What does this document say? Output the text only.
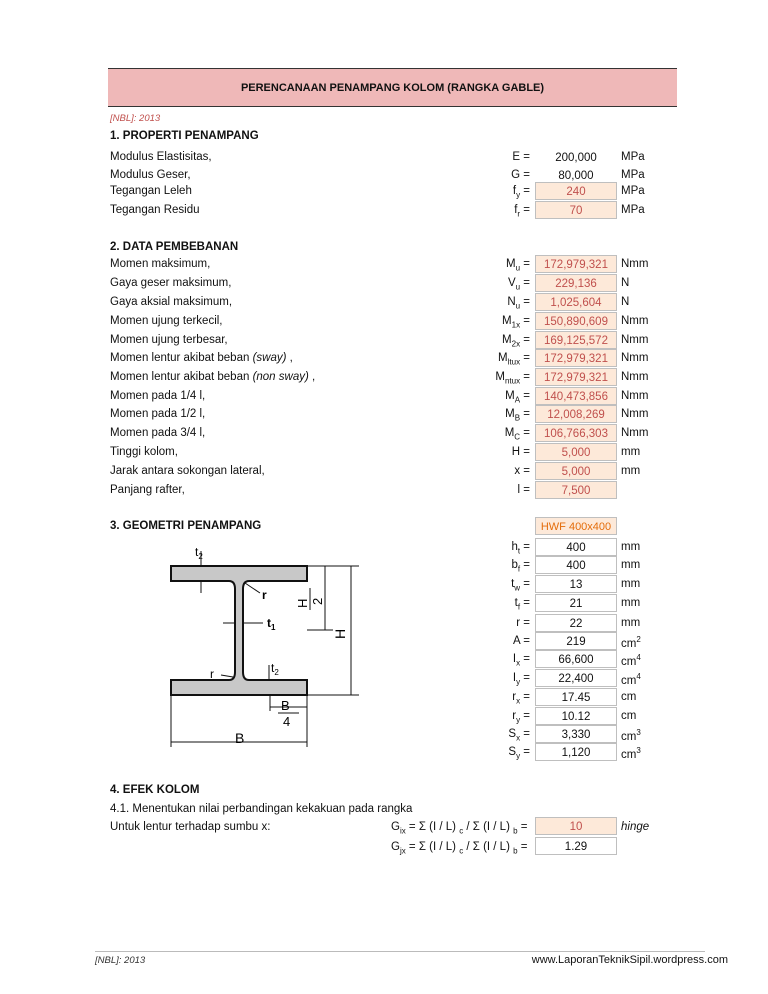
PERENCANAAN PENAMPANG KOLOM (RANGKA GABLE)
[NBL]: 2013
1. PROPERTI PENAMPANG
Modulus Elastisitas,	E =	200,000	MPa
Modulus Geser,	G =	80,000	MPa
Tegangan Leleh	$f_y$ =	240	MPa
Tegangan Residu	$f_r$ =	70	MPa
2. DATA PEMBEBANAN
Momen maksimum,	$M_u$ =	172,979,321	Nmm
Gaya geser maksimum,	$V_u$ =	229,136	N
Gaya aksial maksimum,	$N_u$ =	1,025,604	N
Momen ujung terkecil,	$M_{1x}$ =	150,890,609	Nmm
Momen ujung terbesar,	$M_{2x}$ =	169,125,572	Nmm
Momen lentur akibat beban (sway) ,	$M_{ltux}$ =	172,979,321	Nmm
Momen lentur akibat beban (non sway) ,	$M_{ntux}$ =	172,979,321	Nmm
Momen pada 1/4 l,	$M_A$ =	140,473,856	Nmm
Momen pada 1/2 l,	$M_B$ =	12,008,269	Nmm
Momen pada 3/4 l,	$M_C$ =	106,766,303	Nmm
Tinggi kolom,	H =	5,000	mm
Jarak antara sokongan lateral,	x =	5,000	mm
Panjang rafter,	l =	7,500
3. GEOMETRI PENAMPANG	HWF 400x400
$h_t$ =	400	mm
$b_f$ =	400	mm
$t_w$ =	13	mm
$t_f$ =	21	mm
r =	22	mm
A =	219	$cm^2$
$I_x$ =	66,600	$cm^4$
$I_y$ =	22,400	$cm^4$
$r_x$ =	17.45	cm
$r_y$ =	10.12	cm
$S_x$ =	3,330	$cm^3$
$S_y$ =	1,120	$cm^3$
$t_2$
r
$t_1$
H 2
H
r	$t_2$
B
4
B
4. EFEK KOLOM
4.1. Menentukan nilai perbandingan kekakuan pada rangka
Untuk lentur terhadap sumbu x:	$G_{ix} = \Sigma$ (I / L) $_c$ / Σ (I / L) $_b$ =	10	hinge
$G_{jx} = \Sigma$ (I / L) $_c$ / Σ (I / L) $_b$ =	1.29
[NBL]: 2013	www.LaporanTeknikSipil.wordpress.com
